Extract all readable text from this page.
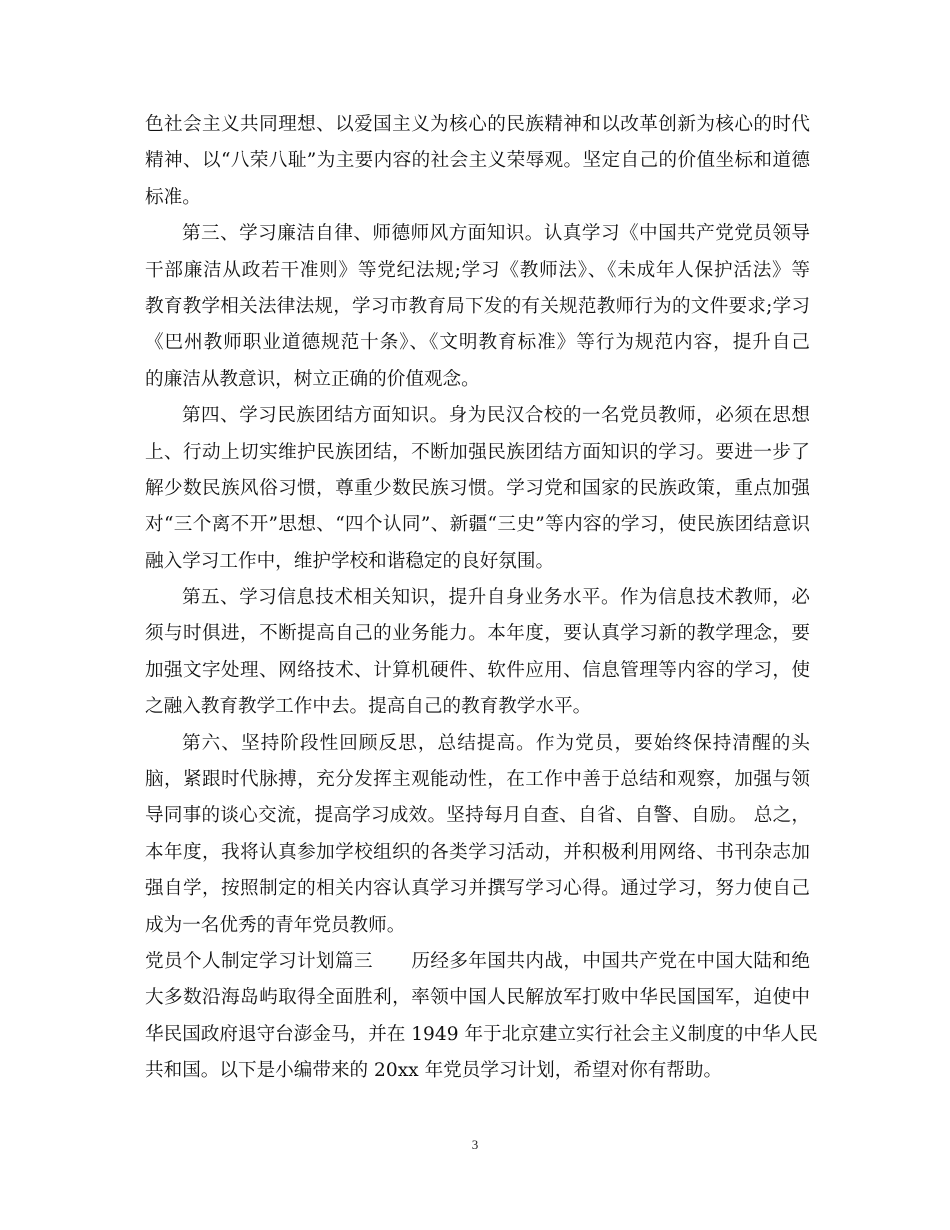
色社会主义共同理想、以爱国主义为核心的民族精神和以改革创新为核心的时代
精神、以“八荣八耻”为主要内容的社会主义荣辱观。坚定自己的价值坐标和道德
标准。
第三、学习廉洁自律、师德师风方面知识。认真学习《中国共产党党员领导
干部廉洁从政若干准则》等党纪法规;学习《教师法》、《未成年人保护活法》等
教育教学相关法律法规，学习市教育局下发的有关规范教师行为的文件要求;学习
《巴州教师职业道德规范十条》、《文明教育标准》等行为规范内容，提升自己
的廉洁从教意识，树立正确的价值观念。
第四、学习民族团结方面知识。身为民汉合校的一名党员教师，必须在思想
上、行动上切实维护民族团结，不断加强民族团结方面知识的学习。要进一步了
解少数民族风俗习惯，尊重少数民族习惯。学习党和国家的民族政策，重点加强
对“三个离不开”思想、“四个认同”、新疆“三史”等内容的学习，使民族团结意识
融入学习工作中，维护学校和谐稳定的良好氛围。
第五、学习信息技术相关知识，提升自身业务水平。作为信息技术教师，必
须与时俱进，不断提高自己的业务能力。本年度，要认真学习新的教学理念，要
加强文字处理、网络技术、计算机硬件、软件应用、信息管理等内容的学习，使
之融入教育教学工作中去。提高自己的教育教学水平。
第六、坚持阶段性回顾反思，总结提高。作为党员，要始终保持清醒的头
脑，紧跟时代脉搏，充分发挥主观能动性，在工作中善于总结和观察，加强与领
导同事的谈心交流，提高学习成效。坚持每月自查、自省、自警、自励。 总之，
本年度，我将认真参加学校组织的各类学习活动，并积极利用网络、书刊杂志加
强自学，按照制定的相关内容认真学习并撰写学习心得。通过学习，努力使自己
成为一名优秀的青年党员教师。
党员个人制定学习计划篇三 历经多年国共内战，中国共产党在中国大陆和绝
大多数沿海岛屿取得全面胜利，率领中国人民解放军打败中华民国国军，迫使中
华民国政府退守台澎金马，并在 1949 年于北京建立实行社会主义制度的中华人民
共和国。以下是小编带来的 20xx 年党员学习计划，希望对你有帮助。
3
